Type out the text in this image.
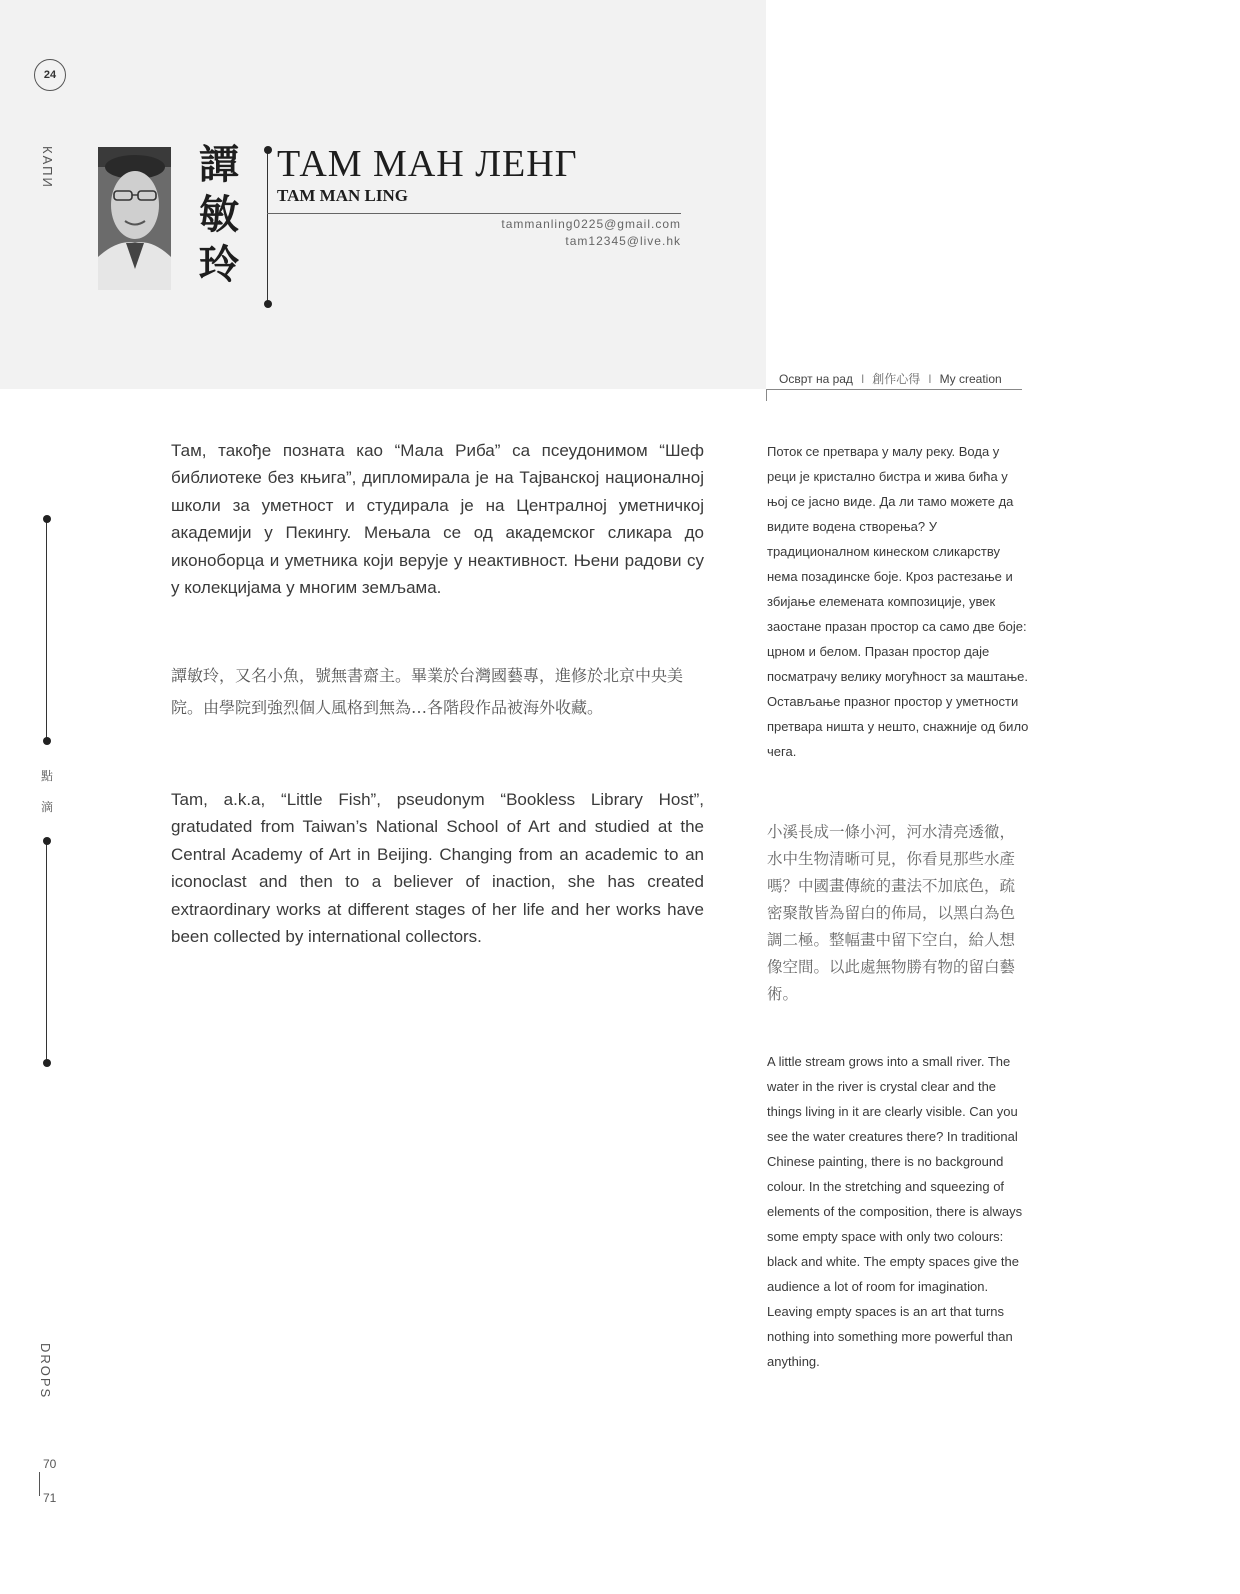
24
КАПИ
點
滴
DROPS
70
71
譚 敏 玲
ТАМ МАН ЛЕНГ
TAM MAN LING
tammanling0225@gmail.com
tam12345@live.hk
Осврт на рад I 創作心得 I My creation

Там, такође позната као “Мала Риба” са псеудонимом “Шеф библиотеке без књига”, дипломирала је на Тајванској националној школи за уметност и студирала је на Централној уметничкој академији у Пекингу. Мењала се од академског сликара до иконоборца и уметника који верује у неактивност. Њени радови су у колекцијама у многим земљама.

譚敏玲，又名小魚，號無書齋主。畢業於台灣國藝專，進修於北京中央美院。由學院到強烈個人風格到無為…各階段作品被海外收藏。

Tam, a.k.a, “Little Fish”, pseudonym “Bookless Library Host”, gratudated from Taiwan’s National School of Art and studied at the Central Academy of Art in Beijing. Changing from an academic to an iconoclast and then to a believer of inaction, she has created extraordinary works at different stages of her life and her works have been collected by international collectors.

Поток се претвара у малу реку. Вода у реци је кристално бистра и жива бића у њој се јасно виде. Да ли тамо можете да видите водена створења? У традиционалном кинеском сликарству нема позадинске боје. Кроз растезање и збијање елемената композиције, увек заостане празан простор са само две боје: црном и белом. Празан простор даје посматрачу велику могућност за маштање. Остављање празног простор у уметности претвара ништа у нешто, снажније од било чега.

小溪長成一條小河，河水清亮透徹，水中生物清晰可見，你看見那些水產嗎？中國畫傳統的畫法不加底色，疏密聚散皆為留白的佈局，以黑白為色調二極。整幅畫中留下空白，給人想像空間。以此處無物勝有物的留白藝術。

A little stream grows into a small river. The water in the river is crystal clear and the things living in it are clearly visible. Can you see the water creatures there? In traditional Chinese painting, there is no background colour. In the stretching and squeezing of elements of the composition, there is always some empty space with only two colours: black and white. The empty spaces give the audience a lot of room for imagination. Leaving empty spaces is an art that turns nothing into something more powerful than anything.
